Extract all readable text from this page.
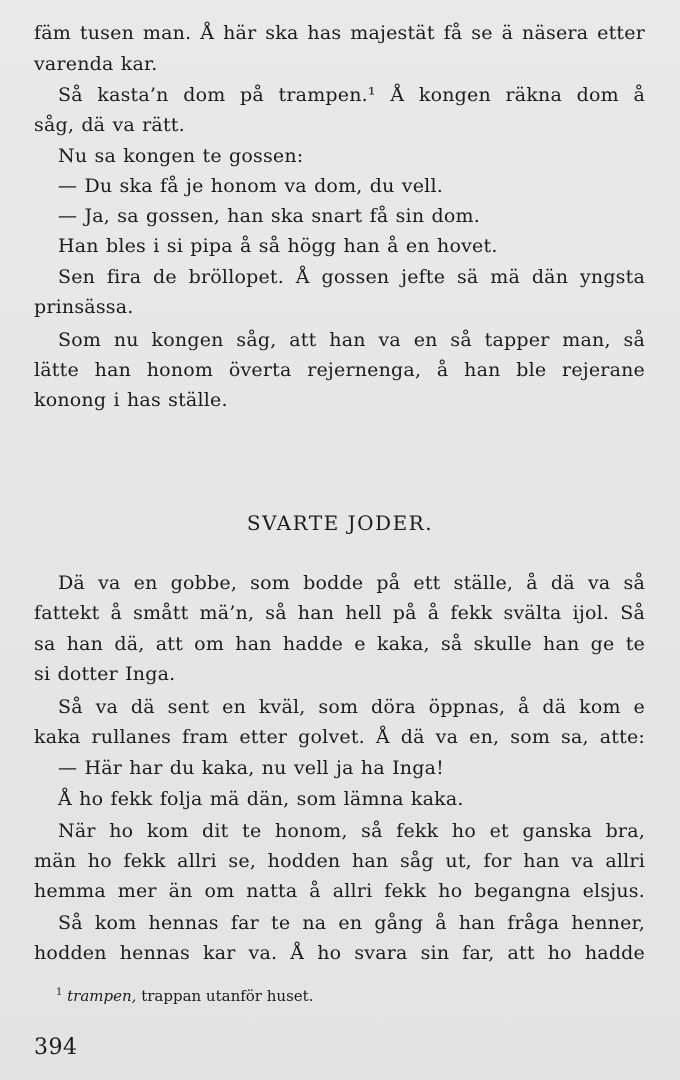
fäm tusen man. Å här ska has majestät få se ä näsera etter
varenda kar.
Så kasta’n dom på trampen.¹ Å kongen räkna dom å
såg, dä va rätt.
Nu sa kongen te gossen:
— Du ska få je honom va dom, du vell.
— Ja, sa gossen, han ska snart få sin dom.
Han bles i si pipa å så högg han å en hovet.
Sen fira de bröllopet. Å gossen jefte sä mä dän yngsta
prinsässa.
Som nu kongen såg, att han va en så tapper man, så
lätte han honom överta rejernenga, å han ble rejerane
konong i has ställe.
SVARTE JODER.
Dä va en gobbe, som bodde på ett ställe, å dä va så
fattekt å smått mä’n, så han hell på å fekk svälta ijol. Så
sa han dä, att om han hadde e kaka, så skulle han ge te
si dotter Inga.
Så va dä sent en kväl, som döra öppnas, å dä kom e
kaka rullanes fram etter golvet. Å dä va en, som sa, atte:
— Här har du kaka, nu vell ja ha Inga!
Å ho fekk folja mä dän, som lämna kaka.
När ho kom dit te honom, så fekk ho et ganska bra,
män ho fekk allri se, hodden han såg ut, for han va allri
hemma mer än om natta å allri fekk ho begangna elsjus.
Så kom hennas far te na en gång å han fråga henner,
hodden hennas kar va. Å ho svara sin far, att ho hadde
$^1$ trampen, trappan utanför huset.
394
